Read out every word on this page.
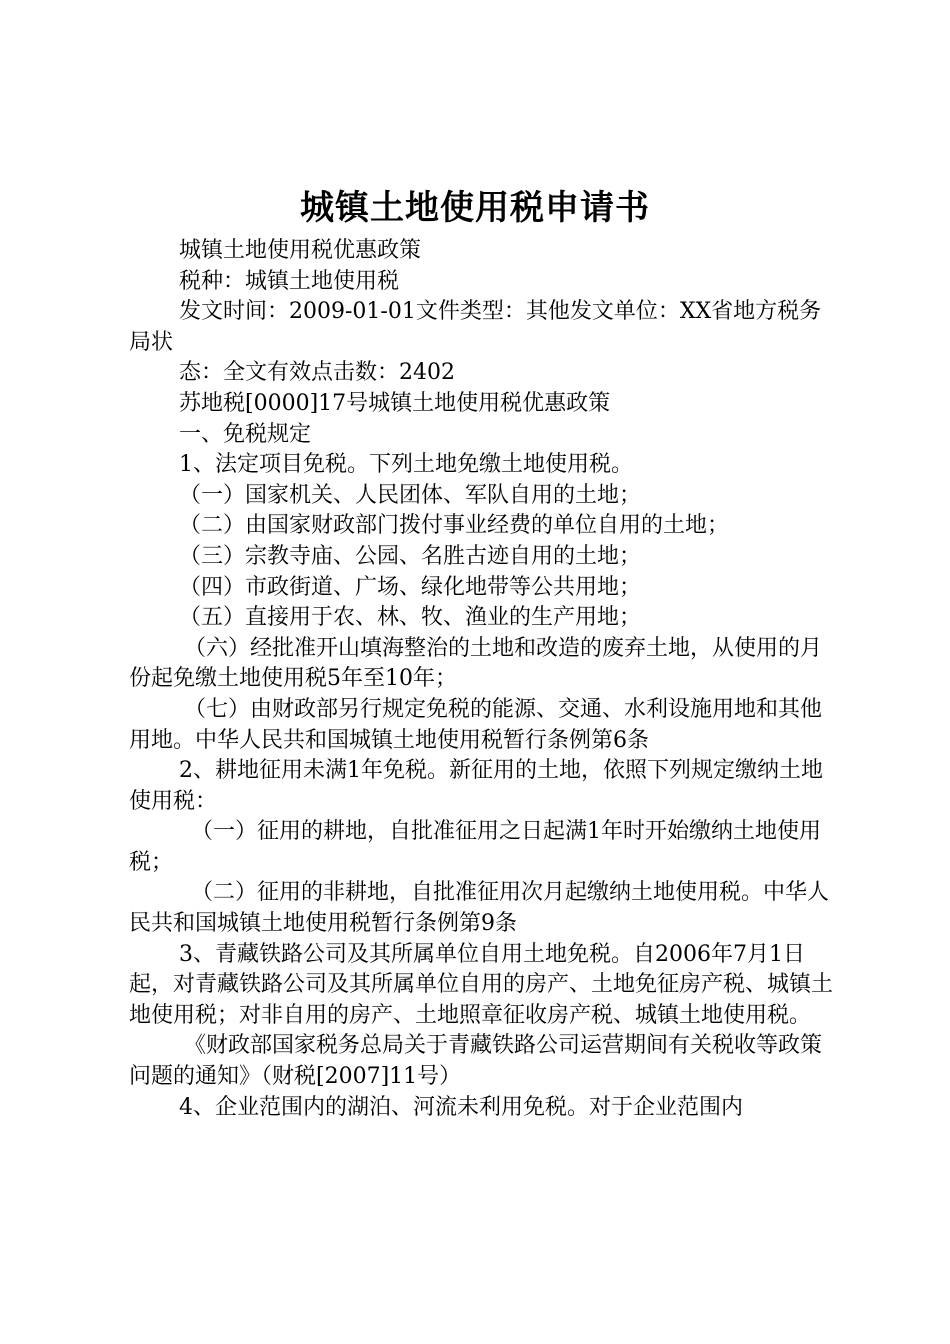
城镇土地使用税申请书

城镇土地使用税优惠政策

税种：城镇土地使用税

发文时间：2009-01-01文件类型：其他发文单位：XX省地方税务局状

态：全文有效点击数：2402

苏地税[0000]17号城镇土地使用税优惠政策

一、免税规定

1、法定项目免税。下列土地免缴土地使用税。

（一）国家机关、人民团体、军队自用的土地；

（二）由国家财政部门拨付事业经费的单位自用的土地；

（三）宗教寺庙、公园、名胜古迹自用的土地；

（四）市政街道、广场、绿化地带等公共用地；

（五）直接用于农、林、牧、渔业的生产用地；

（六）经批准开山填海整治的土地和改造的废弃土地，从使用的月份起免缴土地使用税5年至10年；

（七）由财政部另行规定免税的能源、交通、水利设施用地和其他用地。中华人民共和国城镇土地使用税暂行条例第6条

2、耕地征用未满1年免税。新征用的土地，依照下列规定缴纳土地使用税：

（一）征用的耕地，自批准征用之日起满1年时开始缴纳土地使用税；

（二）征用的非耕地，自批准征用次月起缴纳土地使用税。中华人民共和国城镇土地使用税暂行条例第9条

3、青藏铁路公司及其所属单位自用土地免税。自2006年7月1日起，对青藏铁路公司及其所属单位自用的房产、土地免征房产税、城镇土地使用税；对非自用的房产、土地照章征收房产税、城镇土地使用税。

《财政部国家税务总局关于青藏铁路公司运营期间有关税收等政策问题的通知》（财税[2007]11号）

4、企业范围内的湖泊、河流未利用免税。对于企业范围内
